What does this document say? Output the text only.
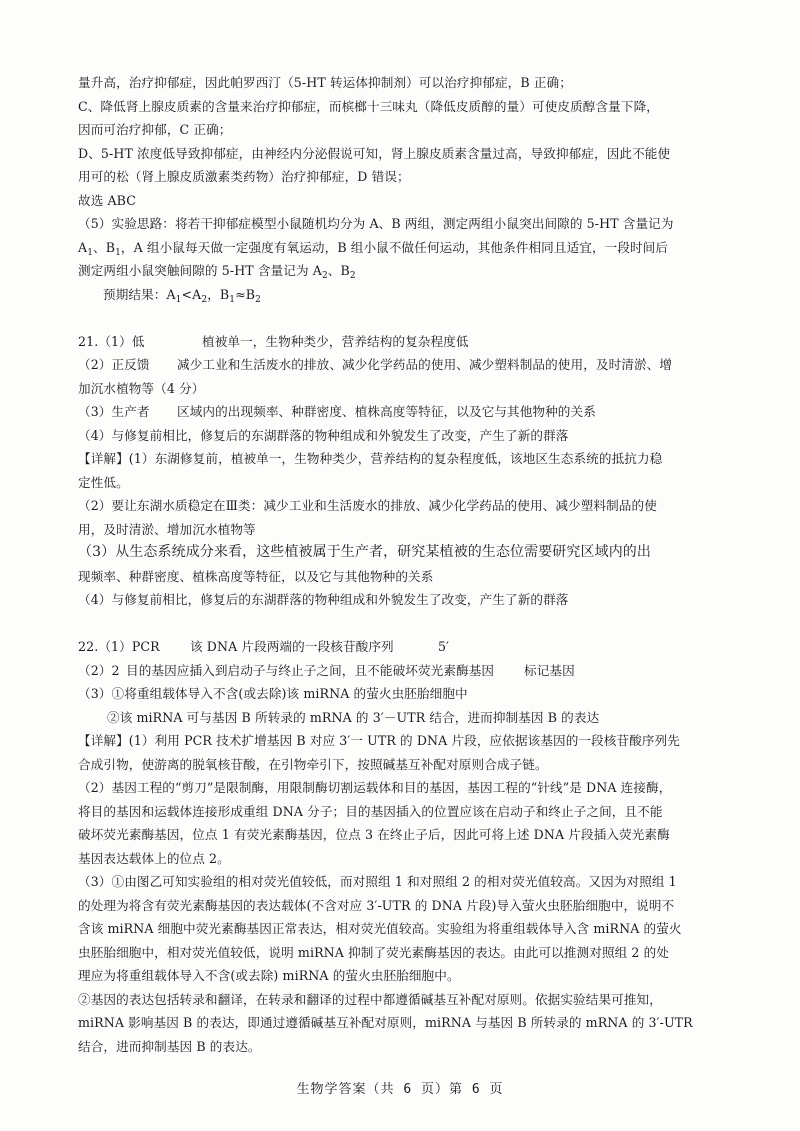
量升高，治疗抑郁症，因此帕罗西汀（5-HT 转运体抑制剂）可以治疗抑郁症，B 正确；
C、降低肾上腺皮质素的含量来治疗抑郁症，而槟榔十三味丸（降低皮质醇的量）可使皮质醇含量下降，
因而可治疗抑郁，C 正确；
D、5-HT 浓度低导致抑郁症，由神经内分泌假说可知，肾上腺皮质素含量过高，导致抑郁症，因此不能使
用可的松（肾上腺皮质激素类药物）治疗抑郁症，D 错误；
故选 ABC
（5）实验思路：将若干抑郁症模型小鼠随机均分为 A、B 两组，测定两组小鼠突出间隙的 5-HT 含量记为
$A_1$、$B_1$，A 组小鼠每天做一定强度有氧运动，B 组小鼠不做任何运动，其他条件相同且适宜，一段时间后
测定两组小鼠突触间隙的 5-HT 含量记为 $A_2$、$B_2$
预期结果：$A_1<A_2$，$B_1\approx B_2$
21.（1）低	植被单一，生物种类少，营养结构的复杂程度低
（2）正反馈 减少工业和生活废水的排放、减少化学药品的使用、减少塑料制品的使用，及时清淤、增
加沉水植物等（4 分）
（3）生产者 区域内的出现频率、种群密度、植株高度等特征，以及它与其他物种的关系
（4）与修复前相比，修复后的东湖群落的物种组成和外貌发生了改变，产生了新的群落
【详解】(1）东湖修复前，植被单一，生物种类少，营养结构的复杂程度低，该地区生态系统的抵抗力稳
定性低。
（2）要让东湖水质稳定在Ⅲ类：减少工业和生活废水的排放、减少化学药品的使用、减少塑料制品的使
用，及时清淤、增加沉水植物等
（3）从生态系统成分来看，这些植被属于生产者，研究某植被的生态位需要研究区域内的出
现频率、种群密度、植株高度等特征，以及它与其他物种的关系
（4）与修复前相比，修复后的东湖群落的物种组成和外貌发生了改变，产生了新的群落
22.（1）PCR 该 DNA 片段两端的一段核苷酸序列	5′
（2）2 目的基因应插入到启动子与终止子之间，且不能破坏荧光素酶基因 标记基因
（3）①将重组载体导入不含(或去除)该 miRNA 的萤火虫胚胎细胞中
②该 miRNA 可与基因 B 所转录的 mRNA 的 3′－UTR 结合，进而抑制基因 B 的表达
【详解】(1）利用 PCR 技术扩增基因 B 对应 3′一 UTR 的 DNA 片段，应依据该基因的一段核苷酸序列先
合成引物，使游离的脱氧核苷酸，在引物牵引下，按照碱基互补配对原则合成子链。
（2）基因工程的“剪刀”是限制酶，用限制酶切割运载体和目的基因，基因工程的“针线”是 DNA 连接酶，
将目的基因和运载体连接形成重组 DNA 分子；目的基因插入的位置应该在启动子和终止子之间，且不能
破坏荧光素酶基因，位点 1 有荧光素酶基因，位点 3 在终止子后，因此可将上述 DNA 片段插入荧光素酶
基因表达载体上的位点 2。
（3）①由图乙可知实验组的相对荧光值较低，而对照组 1 和对照组 2 的相对荧光值较高。又因为对照组 1
的处理为将含有荧光素酶基因的表达载体(不含对应 3′-UTR 的 DNA 片段)导入萤火虫胚胎细胞中，说明不
含该 miRNA 细胞中荧光素酶基因正常表达，相对荧光值较高。实验组为将重组载体导入含 miRNA 的萤火
虫胚胎细胞中，相对荧光值较低，说明 miRNA 抑制了荧光素酶基因的表达。由此可以推测对照组 2 的处
理应为将重组载体导入不含(或去除) miRNA 的萤火虫胚胎细胞中。
②基因的表达包括转录和翻译，在转录和翻译的过程中都遵循碱基互补配对原则。依据实验结果可推知，
miRNA 影响基因 B 的表达，即通过遵循碱基互补配对原则，miRNA 与基因 B 所转录的 mRNA 的 3′-UTR
结合，进而抑制基因 B 的表达。
生物学答案（共 6 页）第 6 页
